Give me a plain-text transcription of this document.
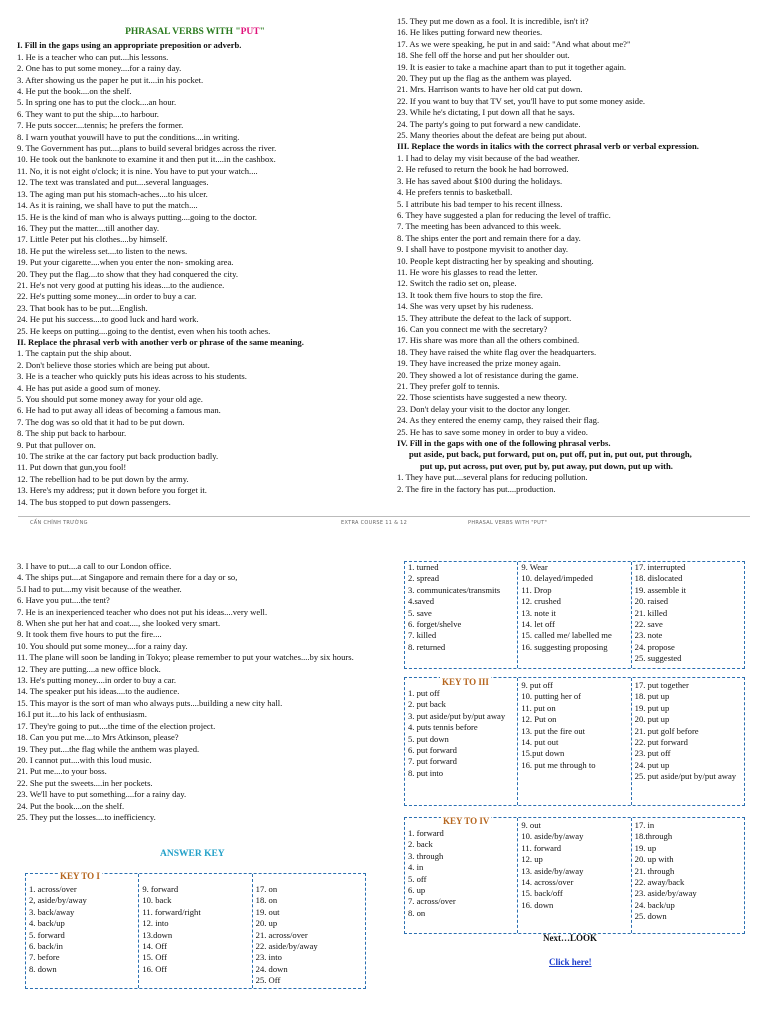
PHRASAL VERBS WITH "PUT"
I. Fill in the gaps using an appropriate preposition or adverb.
1. He is a teacher who can put....his lessons.
2. One has to put some money....for a rainy day.
3. After showing us the paper he put it....in his pocket.
4. He put the book....on the shelf.
5. In spring one has to put the clock....an hour.
6. They want to put the ship....to harbour.
7. He puts soccer....tennis; he prefers the former.
8. I warn youthat youwill have to put the conditions....in writing.
9. The Government has put....plans to build several bridges across the river.
10. He took out the banknote to examine it and then put it....in the cashbox.
11. No, it is not eight o'clock; it is nine. You have to put your watch....
12. The text was translated and put....several languages.
13. The aging man put his stomach-aches....to his ulcer.
14. As it is raining, we shall have to put the match....
15. He is the kind of man who is always putting....going to the doctor.
16. They put the matter....till another day.
17. Little Peter put his clothes....by himself.
18. He put the wireless set....to listen to the news.
19. Put your cigarette....when you enter the non- smoking area.
20. They put the flag....to show that they had conquered the city.
21. He's not very good at putting his ideas....to the audience.
22. He's putting some money....in order to buy a car.
23. That book has to be put....English.
24. He put his success....to good luck and hard work.
25. He keeps on putting....going to the dentist, even when his tooth aches.
II. Replace the phrasal verb with another verb or phrase of the same meaning.
1. The captain put the ship about.
2. Don't believe those stories which are being put about.
3. He is a teacher who quickly puts his ideas across to his students.
4. He has put aside a good sum of money.
5. You should put some money away for your old age.
6. He had to put away all ideas of becoming a famous man.
7. The dog was so old that it had to be put down.
8. The ship put back to harbour.
9. Put that pullover on.
10. The strike at the car factory put back production badly.
11. Put down that gun,you fool!
12. The rebellion had to be put down by the army.
13. Here's my address; put it down before you forget it.
14. The bus stopped to put down passengers.
15. They put me down as a fool. It is incredible, isn't it?
16. He likes putting forward new theories.
17. As we were speaking, he put in and said: "And what about me?"
18. She fell off the horse and put her shoulder out.
19. It is easier to take a machine apart than to put it together again.
20. They put up the flag as the anthem was played.
21. Mrs. Harrison wants to have her old cat put down.
22. If you want to buy that TV set, you'll have to put some money aside.
23. While he's dictating, I put down all that he says.
24. The party's going to put forward a new candidate.
25. Many theories about the defeat are being put about.
III. Replace the words in italics with the correct phrasal verb or verbal expression.
1. I had to delay my visit because of the bad weather.
2. He refused to return the book he had borrowed.
3. He has saved about $100 during the holidays.
4. He prefers tennis to basketball.
5. I attribute his bad temper to his recent illness.
6. They have suggested a plan for reducing the level of traffic.
7. The meeting has been advanced to this week.
8. The ships enter the port and remain there for a day.
9. I shall have to postpone myvisit to another day.
10. People kept distracting her by speaking and shouting.
11. He wore his glasses to read the letter.
12. Switch the radio set on, please.
13. It took them five hours to stop the fire.
14. She was very upset by his rudeness.
15. They attribute the defeat to the lack of support.
16. Can you connect me with the secretary?
17. His share was more than all the others combined.
18. They have raised the white flag over the headquarters.
19. They have increased the prize money again.
20. They showed a lot of resistance during the game.
21. They prefer golf to tennis.
22. Those scientists have suggested a new theory.
23. Don't delay your visit to the doctor any longer.
24. As they entered the enemy camp, they raised their flag.
25. He has to save some money in order to buy a video.
IV. Fill in the gaps with one of the following phrasal verbs.
put aside, put back, put forward, put on, put off, put in, put out, put through,
put up, put across, put over, put by, put away, put down, put up with.
1. They have put....several plans for reducing pollution.
2. The fire in the factory has put....production.
CẤN CHÍNH TRƯỜNG	EXTRA COURSE 11 & 12	PHRASAL VERBS WITH "PUT"
3. I have to put....a call to our London office.
4. The ships put....at Singapore and remain there for a day or so,
5.I had to put....my visit because of the weather.
6. Have you put....the tent?
7. He is an inexperienced teacher who does not put his ideas....very well.
8. When she put her hat and coat...., she looked very smart.
9. It took them five hours to put the fire....
10. You should put some money....for a rainy day.
11. The plane will soon be landing in Tokyo; please remember to put your watches....by six hours.
12. They are putting....a new office block.
13. He's putting money....in order to buy a car.
14. The speaker put his ideas....to the audience.
15. This mayor is the sort of man who always puts....building a new city hall.
16.I put it....to his lack of enthusiasm.
17. They're going to put....the time of the election project.
18. Can you put me....to Mrs Atkinson, please?
19. They put....the flag while the anthem was played.
20. I cannot put....with this loud music.
21. Put me....to your boss.
22. She put the sweets....in her pockets.
23. We'll have to put something....for a rainy day.
24. Put the book....on the shelf.
25. They put the losses....to inefficiency.
ANSWER KEY
1. across/over
2, aside/by/away
3. back/away
4. back/up
5. forward
6. back/in
7. before
8. down
9. forward
10. back
11. forward/right
12. into
13.down
14. Off
15. Off
16. Off
17. on
18. on
19. out
20. up
21. across/over
22. aside/by/away
23. into
24. down
25. Off
KEY TO I
1. turned
2. spread
3. communicates/transmits
4.saved
5. save
6. forget/shelve
7. killed
8. returned
9. Wear
10. delayed/impeded
11. Drop
12. crushed
13. note it
14. let off
15. called me/ labelled me
16. suggesting proposing
17. interrupted
18. dislocated
19. assemble it
20. raised
21. killed
22. save
23. note
24. propose
25. suggested
1. put off
2. put back
3. put aside/put by/put away
4. puts tennis before
5. put down
6. put forward
7. put forward
8. put into
9. put off
10. putting her of
11. put on
12. Put on
13. put the fire out
14. put out
15.put down
16. put me through to
17. put together
18. put up
19. put up
20. put up
21. put golf before
22. put forward
23. put off
24. put up
25. put aside/put by/put away
KEY TO III
1. forward
2. back
3. through
4. in
5. off
6. up
7. across/over
8. on
9. out
10. aside/by/away
11. forward
12. up
13. aside/by/away
14. across/over
15. back/off
16. down
17. in
18.through
19. up
20. up with
21. through
22. away/back
23. aside/by/away
24. back/up
25. down
KEY TO IV
Next…LOOK
Click here!
